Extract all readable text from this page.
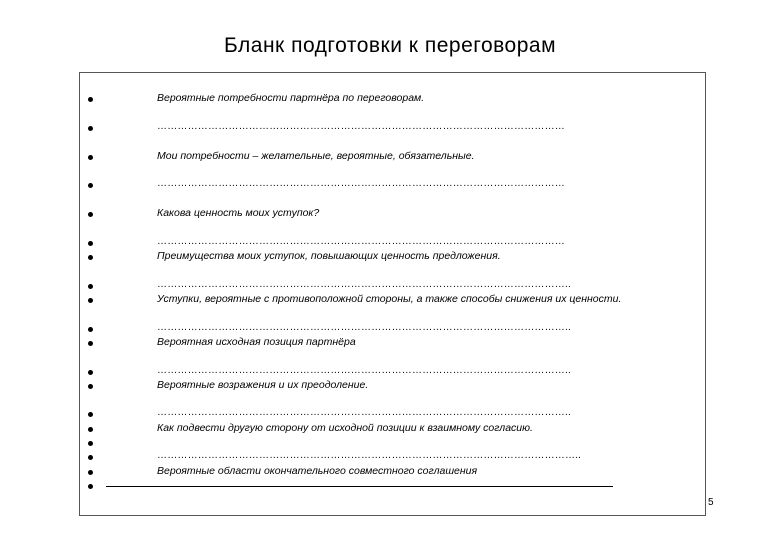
Бланк подготовки к переговорам
Вероятные потребности партнёра по переговорам.
Мои потребности – желательные, вероятные, обязательные.
Какова ценность моих уступок?
Преимущества моих уступок, повышающих ценность предложения.
Уступки, вероятные с противоположной стороны, а также способы снижения их ценности.
Вероятная исходная позиция партнёра
Вероятные возражения и их преодоление.
Как подвести другую сторону от исходной позиции к взаимному согласию.
Вероятные области окончательного совместного соглашения
…………………………………………………………………………………………………………
…………………………………………………………………………………………………………
…………………………………………………………………………………………………………
…………………………………………………………………………………………………………..
…………………………………………………………………………………………………………..
…………………………………………………………………………………………………………..
…………………………………………………………………………………………………………..
……………………………………………………………………………………………………………..
5
